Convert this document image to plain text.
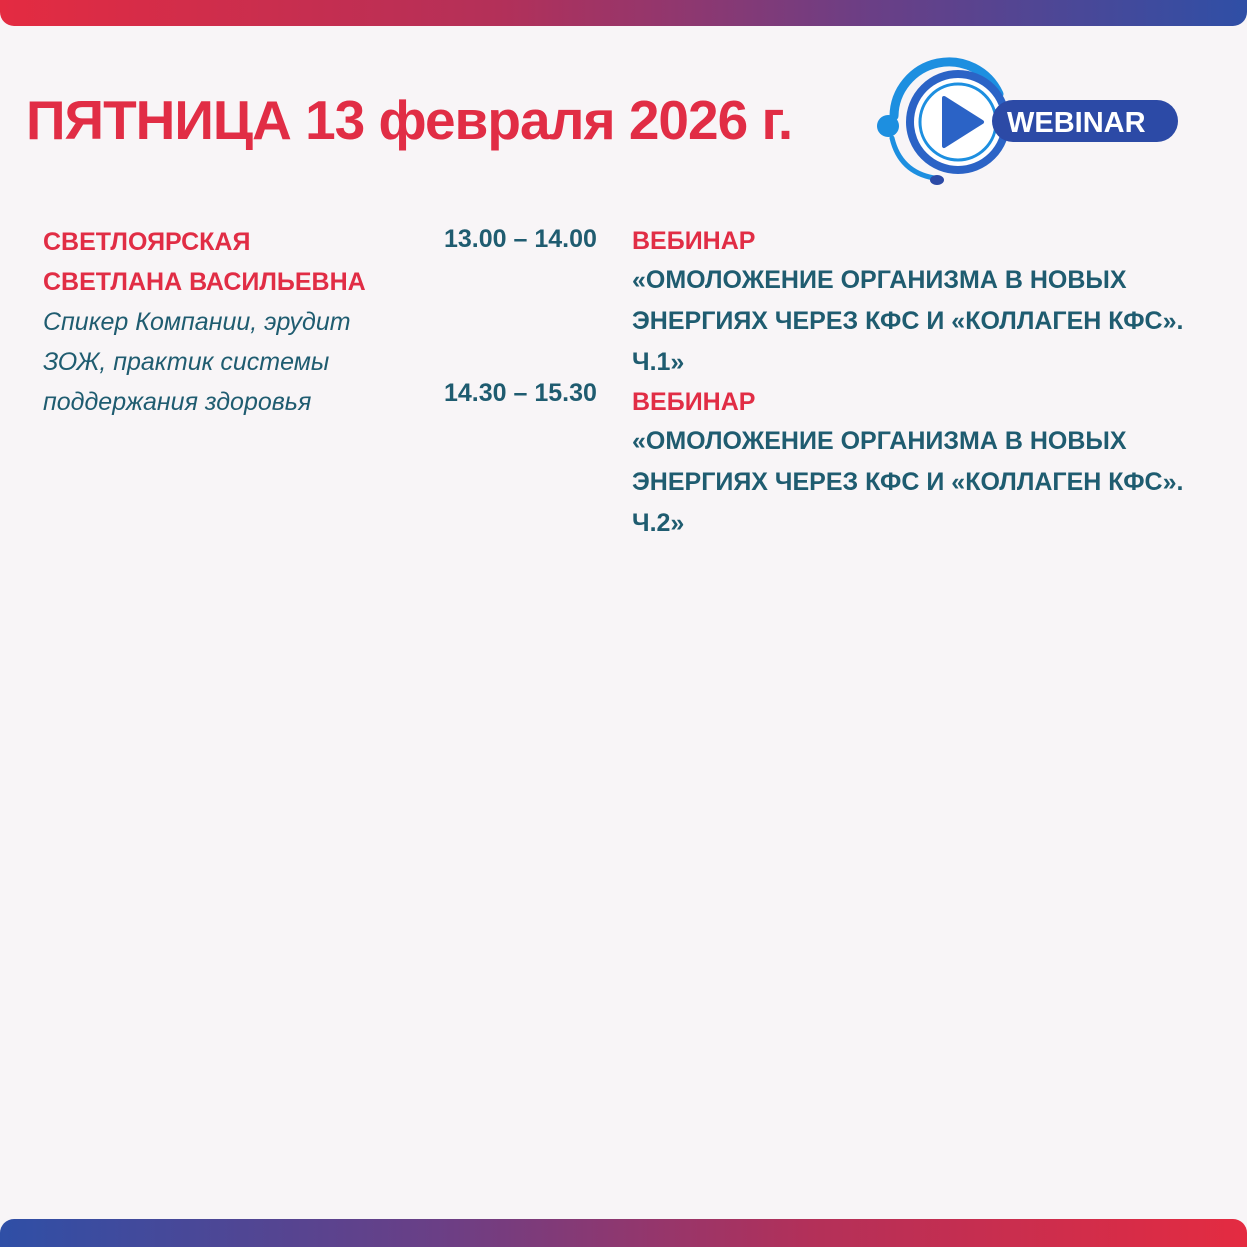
ПЯТНИЦА 13 февраля 2026 г.	WEBINAR
СВЕТЛОЯРСКАЯ
СВЕТЛАНА ВАСИЛЬЕВНА
Спикер Компании, эрудит
ЗОЖ, практик системы
поддержания здоровья
13.00 – 14.00
14.30 – 15.30
ВЕБИНАР
«ОМОЛОЖЕНИЕ ОРГАНИЗМА В НОВЫХ
ЭНЕРГИЯХ ЧЕРЕЗ КФС И «КОЛЛАГЕН КФС».
Ч.1»
ВЕБИНАР
«ОМОЛОЖЕНИЕ ОРГАНИЗМА В НОВЫХ
ЭНЕРГИЯХ ЧЕРЕЗ КФС И «КОЛЛАГЕН КФС».
Ч.2»
